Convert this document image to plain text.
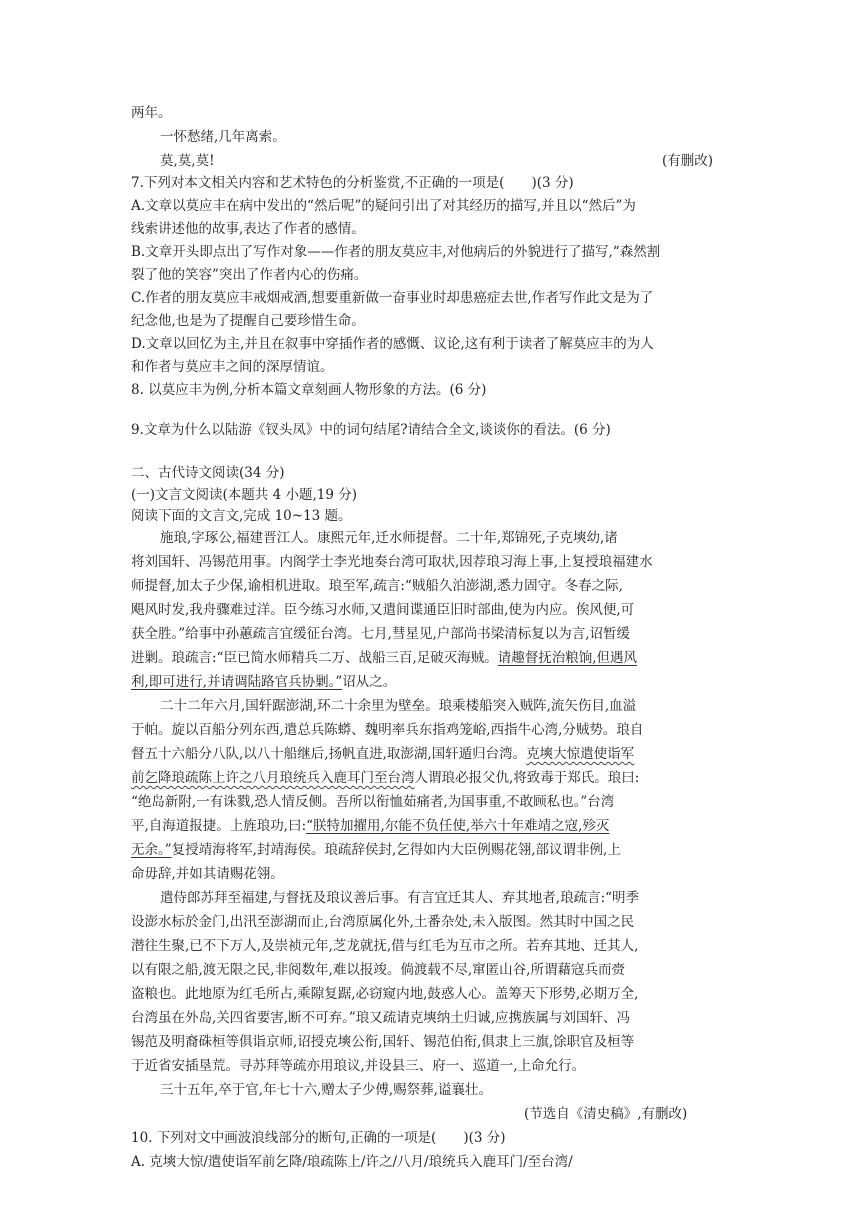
两年。
一怀愁绪,几年离索。
莫,莫,莫!	(有删改)
7.下列对本文相关内容和艺术特色的分析鉴赏,不正确的一项是(　　)(3 分)
A.文章以莫应丰在病中发出的“然后呢”的疑问引出了对其经历的描写,并且以“然后”为
线索讲述他的故事,表达了作者的感情。
B.文章开头即点出了写作对象——作者的朋友莫应丰,对他病后的外貌进行了描写,“森然割
裂了他的笑容”突出了作者内心的伤痛。
C.作者的朋友莫应丰戒烟戒酒,想要重新做一奋事业时却患癌症去世,作者写作此文是为了
纪念他,也是为了提醒自己要珍惜生命。
D.文章以回忆为主,并且在叙事中穿插作者的感慨、议论,这有利于读者了解莫应丰的为人
和作者与莫应丰之间的深厚情谊。
8. 以莫应丰为例,分析本篇文章刻画人物形象的方法。(6 分)
9.文章为什么以陆游《钗头凤》中的词句结尾?请结合全文,谈谈你的看法。(6 分)
二、古代诗文阅读(34 分)
(一)文言文阅读(本题共 4 小题,19 分)
阅读下面的文言文,完成 10~13 题。
施琅,字琢公,福建晋江人。康熙元年,迁水师提督。二十年,郑锦死,子克塽幼,诸
将刘国轩、冯锡范用事。内阁学士李光地奏台湾可取状,因荐琅习海上事,上复授琅福建水
师提督,加太子少保,谕相机进取。琅至军,疏言:“贼船久泊澎湖,悉力固守。冬春之际,
飓风时发,我舟骤难过洋。臣今练习水师,又遣间谍通臣旧时部曲,使为内应。俟风便,可
获全胜。”给事中孙蕙疏言宜缓征台湾。七月,彗星见,户部尚书梁清标复以为言,诏暂缓
进剿。琅疏言:“臣已简水师精兵二万、战船三百,足破灭海贼。请趣督抚治粮饷,但遇风
利,即可进行,并请调陆路官兵协剿。”诏从之。
二十二年六月,国轩踞澎湖,环二十余里为壁垒。琅乘楼船突入贼阵,流矢伤目,血溢
于帕。旋以百船分列东西,遣总兵陈蟒、魏明率兵东指鸡笼峪,西指牛心湾,分贼势。琅自
督五十六船分八队,以八十船继后,扬帆直进,取澎湖,国轩遁归台湾。克塽大惊遣使诣军
前乞降琅疏陈上许之八月琅统兵入鹿耳门至台湾人谓琅必报父仇,将致毒于郑氏。琅曰:
“绝岛新附,一有诛戮,恐人情反侧。吾所以衔恤茹痛者,为国事重,不敢顾私也。”台湾
平,自海道报捷。上旌琅功,曰:“朕特加擢用,尔能不负任使,举六十年难靖之寇,殄灭
无余。”复授靖海将军,封靖海侯。琅疏辞侯封,乞得如内大臣例赐花翎,部议谓非例,上
命毋辞,并如其请赐花翎。
遣侍郎苏拜至福建,与督抚及琅议善后事。有言宜迁其人、弃其地者,琅疏言:“明季
设澎水标於金门,出汛至澎湖而止,台湾原属化外,土番杂处,未入版图。然其时中国之民
潜往生聚,已不下万人,及崇祯元年,芝龙就抚,借与红毛为互市之所。若弃其地、迁其人,
以有限之船,渡无限之民,非阅数年,难以报竣。倘渡载不尽,窜匿山谷,所谓藉寇兵而赍
盗粮也。此地原为红毛所占,乘隙复踞,必窃窥内地,鼓惑人心。盖筹天下形势,必期万全,
台湾虽在外岛,关四省要害,断不可弃。”琅又疏请克塽纳土归诚,应携族属与刘国轩、冯
锡范及明裔硃桓等俱诣京师,诏授克塽公衔,国轩、锡范伯衔,俱隶上三旗,馀职官及桓等
于近省安插垦荒。寻苏拜等疏亦用琅议,并设县三、府一、巡道一,上命允行。
三十五年,卒于官,年七十六,赠太子少傅,赐祭葬,谥襄壮。
(节选自《清史稿》,有删改)
10. 下列对文中画波浪线部分的断句,正确的一项是(　　)(3 分)
A. 克塽大惊/遣使诣军前乞降/琅疏陈上/许之/八月/琅统兵入鹿耳门/至台湾/
